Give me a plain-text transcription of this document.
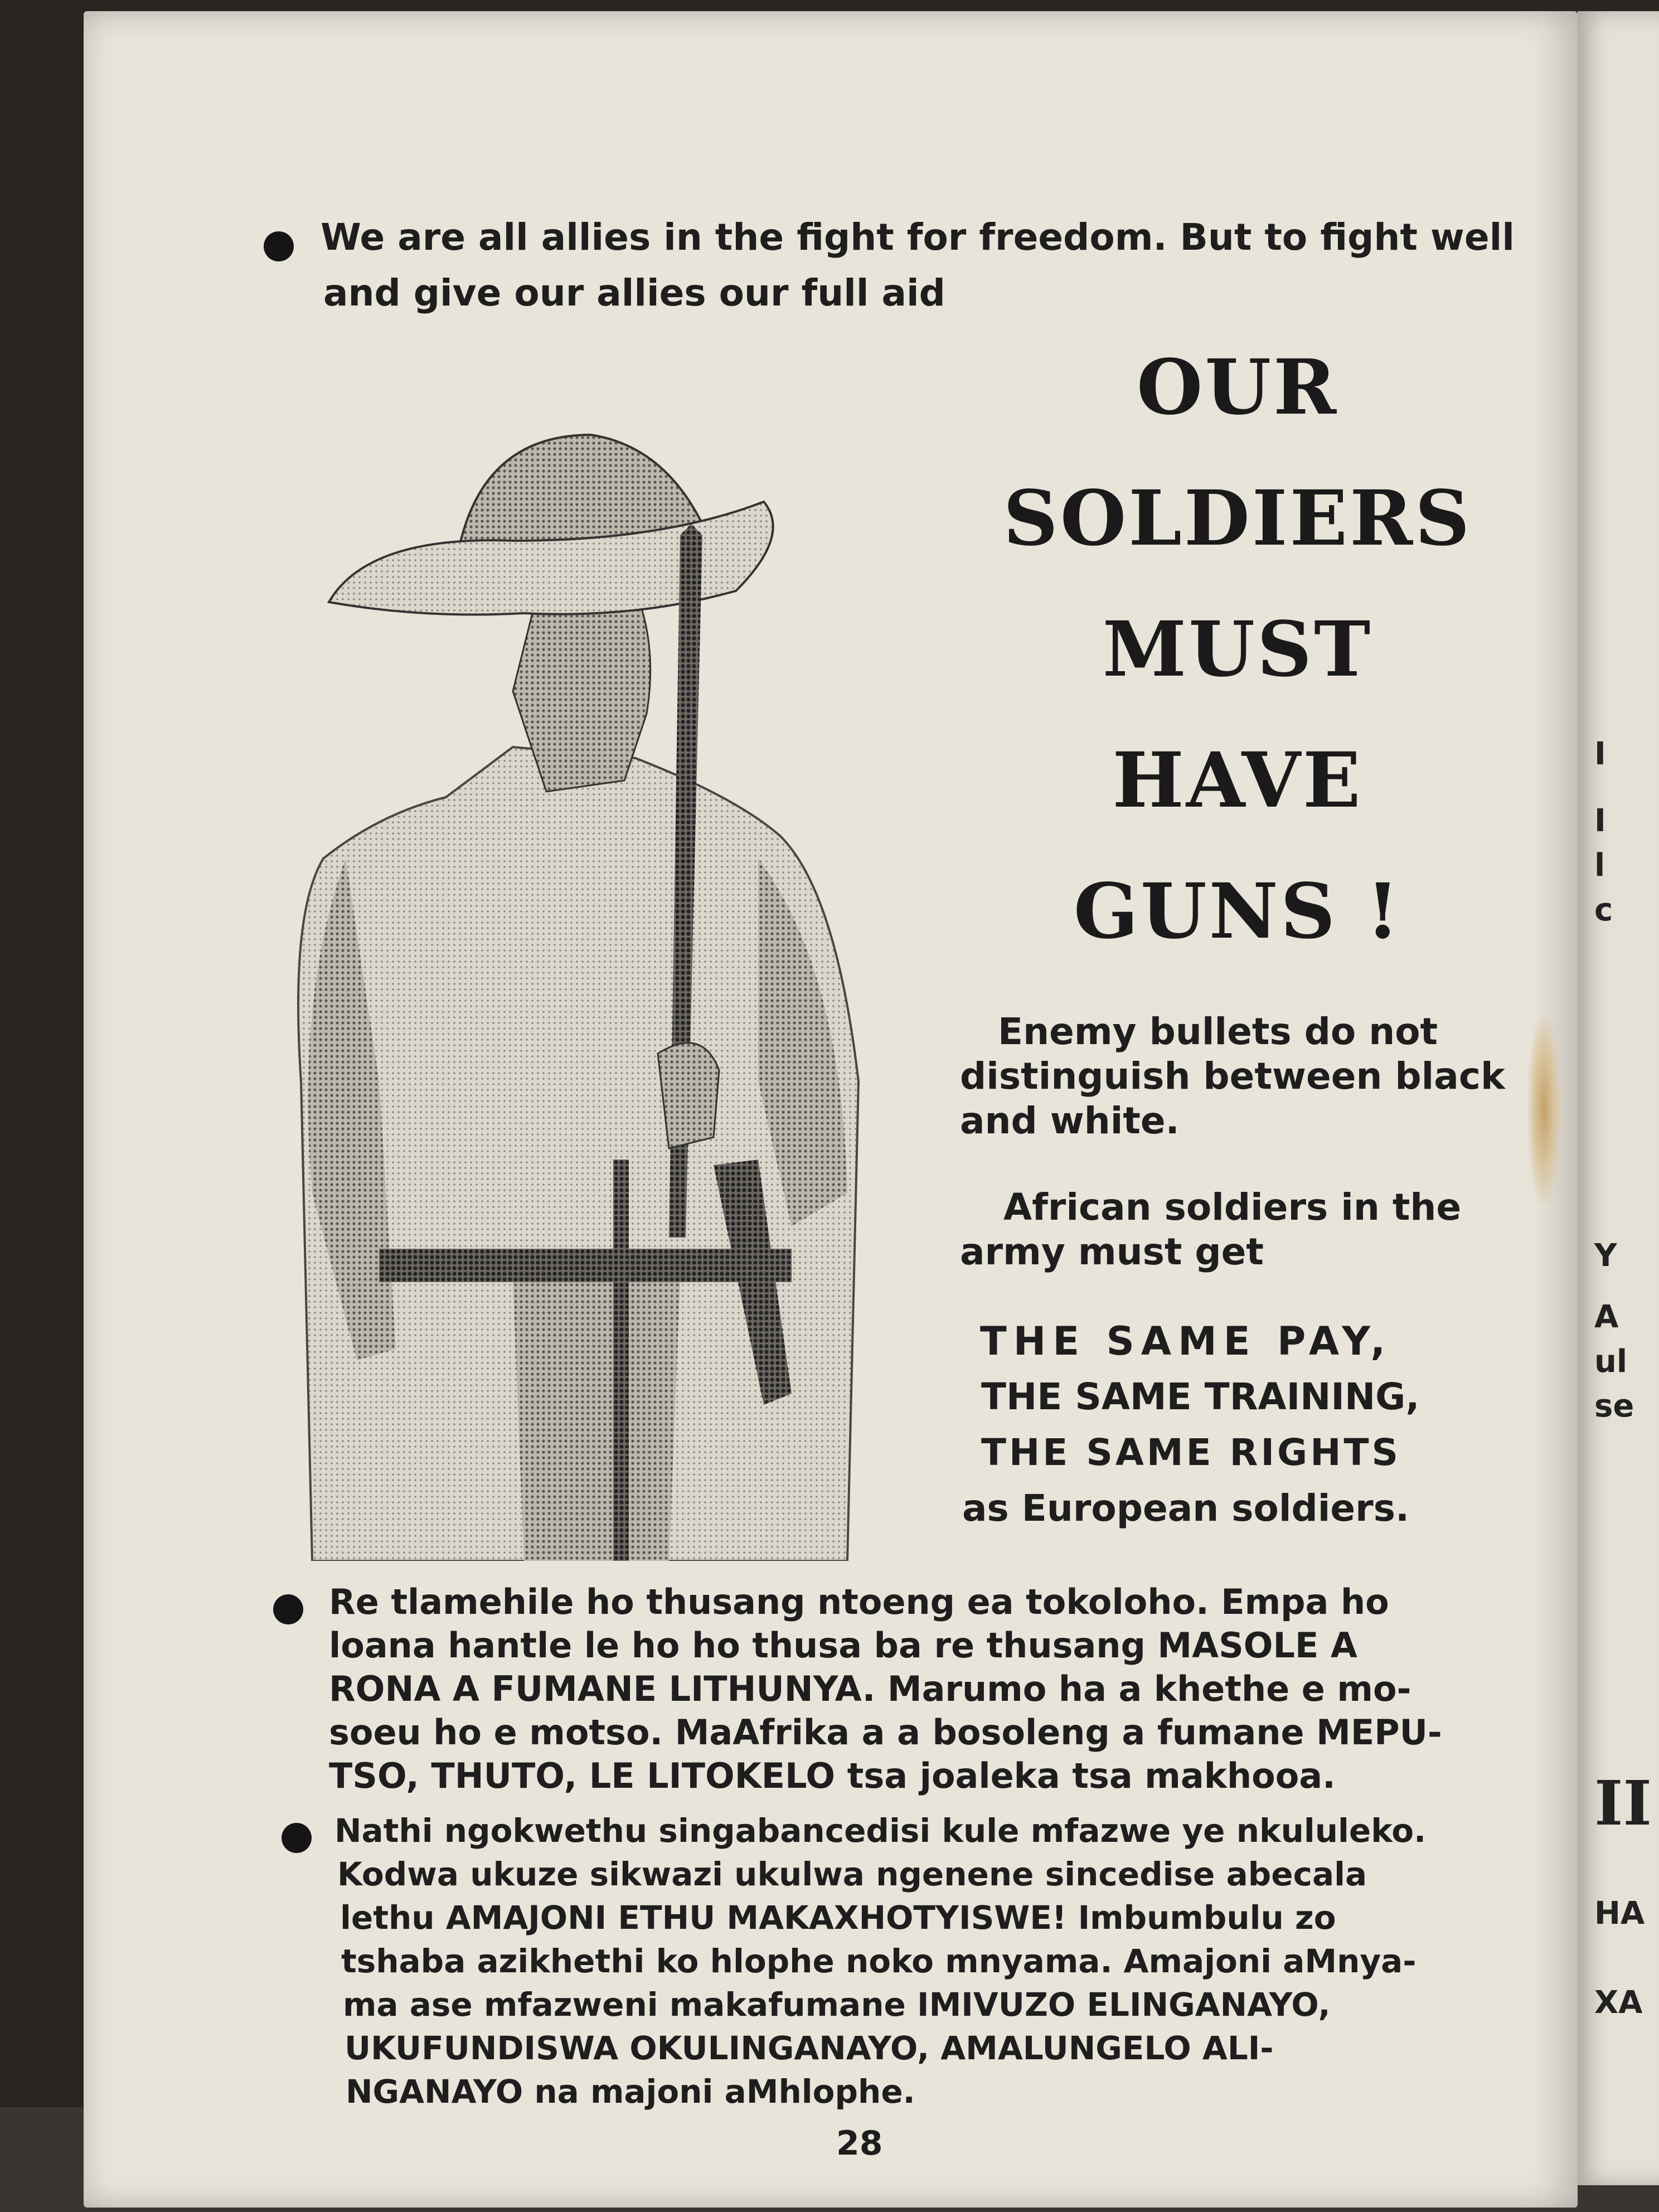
I
I
l
c
Y
A
ul
se
II
HA
XA
We are all allies in the fight for freedom. But to fight well
and give our allies our full aid
OUR
SOLDIERS
MUST
HAVE
GUNS !
Enemy bullets do not
distinguish between black
and white.
African soldiers in the
army must get
THE SAME PAY,
THE SAME TRAINING,
THE SAME RIGHTS
as European soldiers.
Re tlamehile ho thusang ntoeng ea tokoloho. Empa ho
loana hantle le ho ho thusa ba re thusang MASOLE A
RONA A FUMANE LITHUNYA. Marumo ha a khethe e mo-
soeu ho e motso. MaAfrika a a bosoleng a fumane MEPU-
TSO, THUTO, LE LITOKELO tsa joaleka tsa makhooa.
Nathi ngokwethu singabancedisi kule mfazwe ye nkululeko.
Kodwa ukuze sikwazi ukulwa ngenene sincedise abecala
lethu AMAJONI ETHU MAKAXHOTYISWE! Imbumbulu zo
tshaba azikhethi ko hlophe noko mnyama. Amajoni aMnya-
ma ase mfazweni makafumane IMIVUZO ELINGANAYO,
UKUFUNDISWA OKULINGANAYO, AMALUNGELO ALI-
NGANAYO na majoni aMhlophe.
28
